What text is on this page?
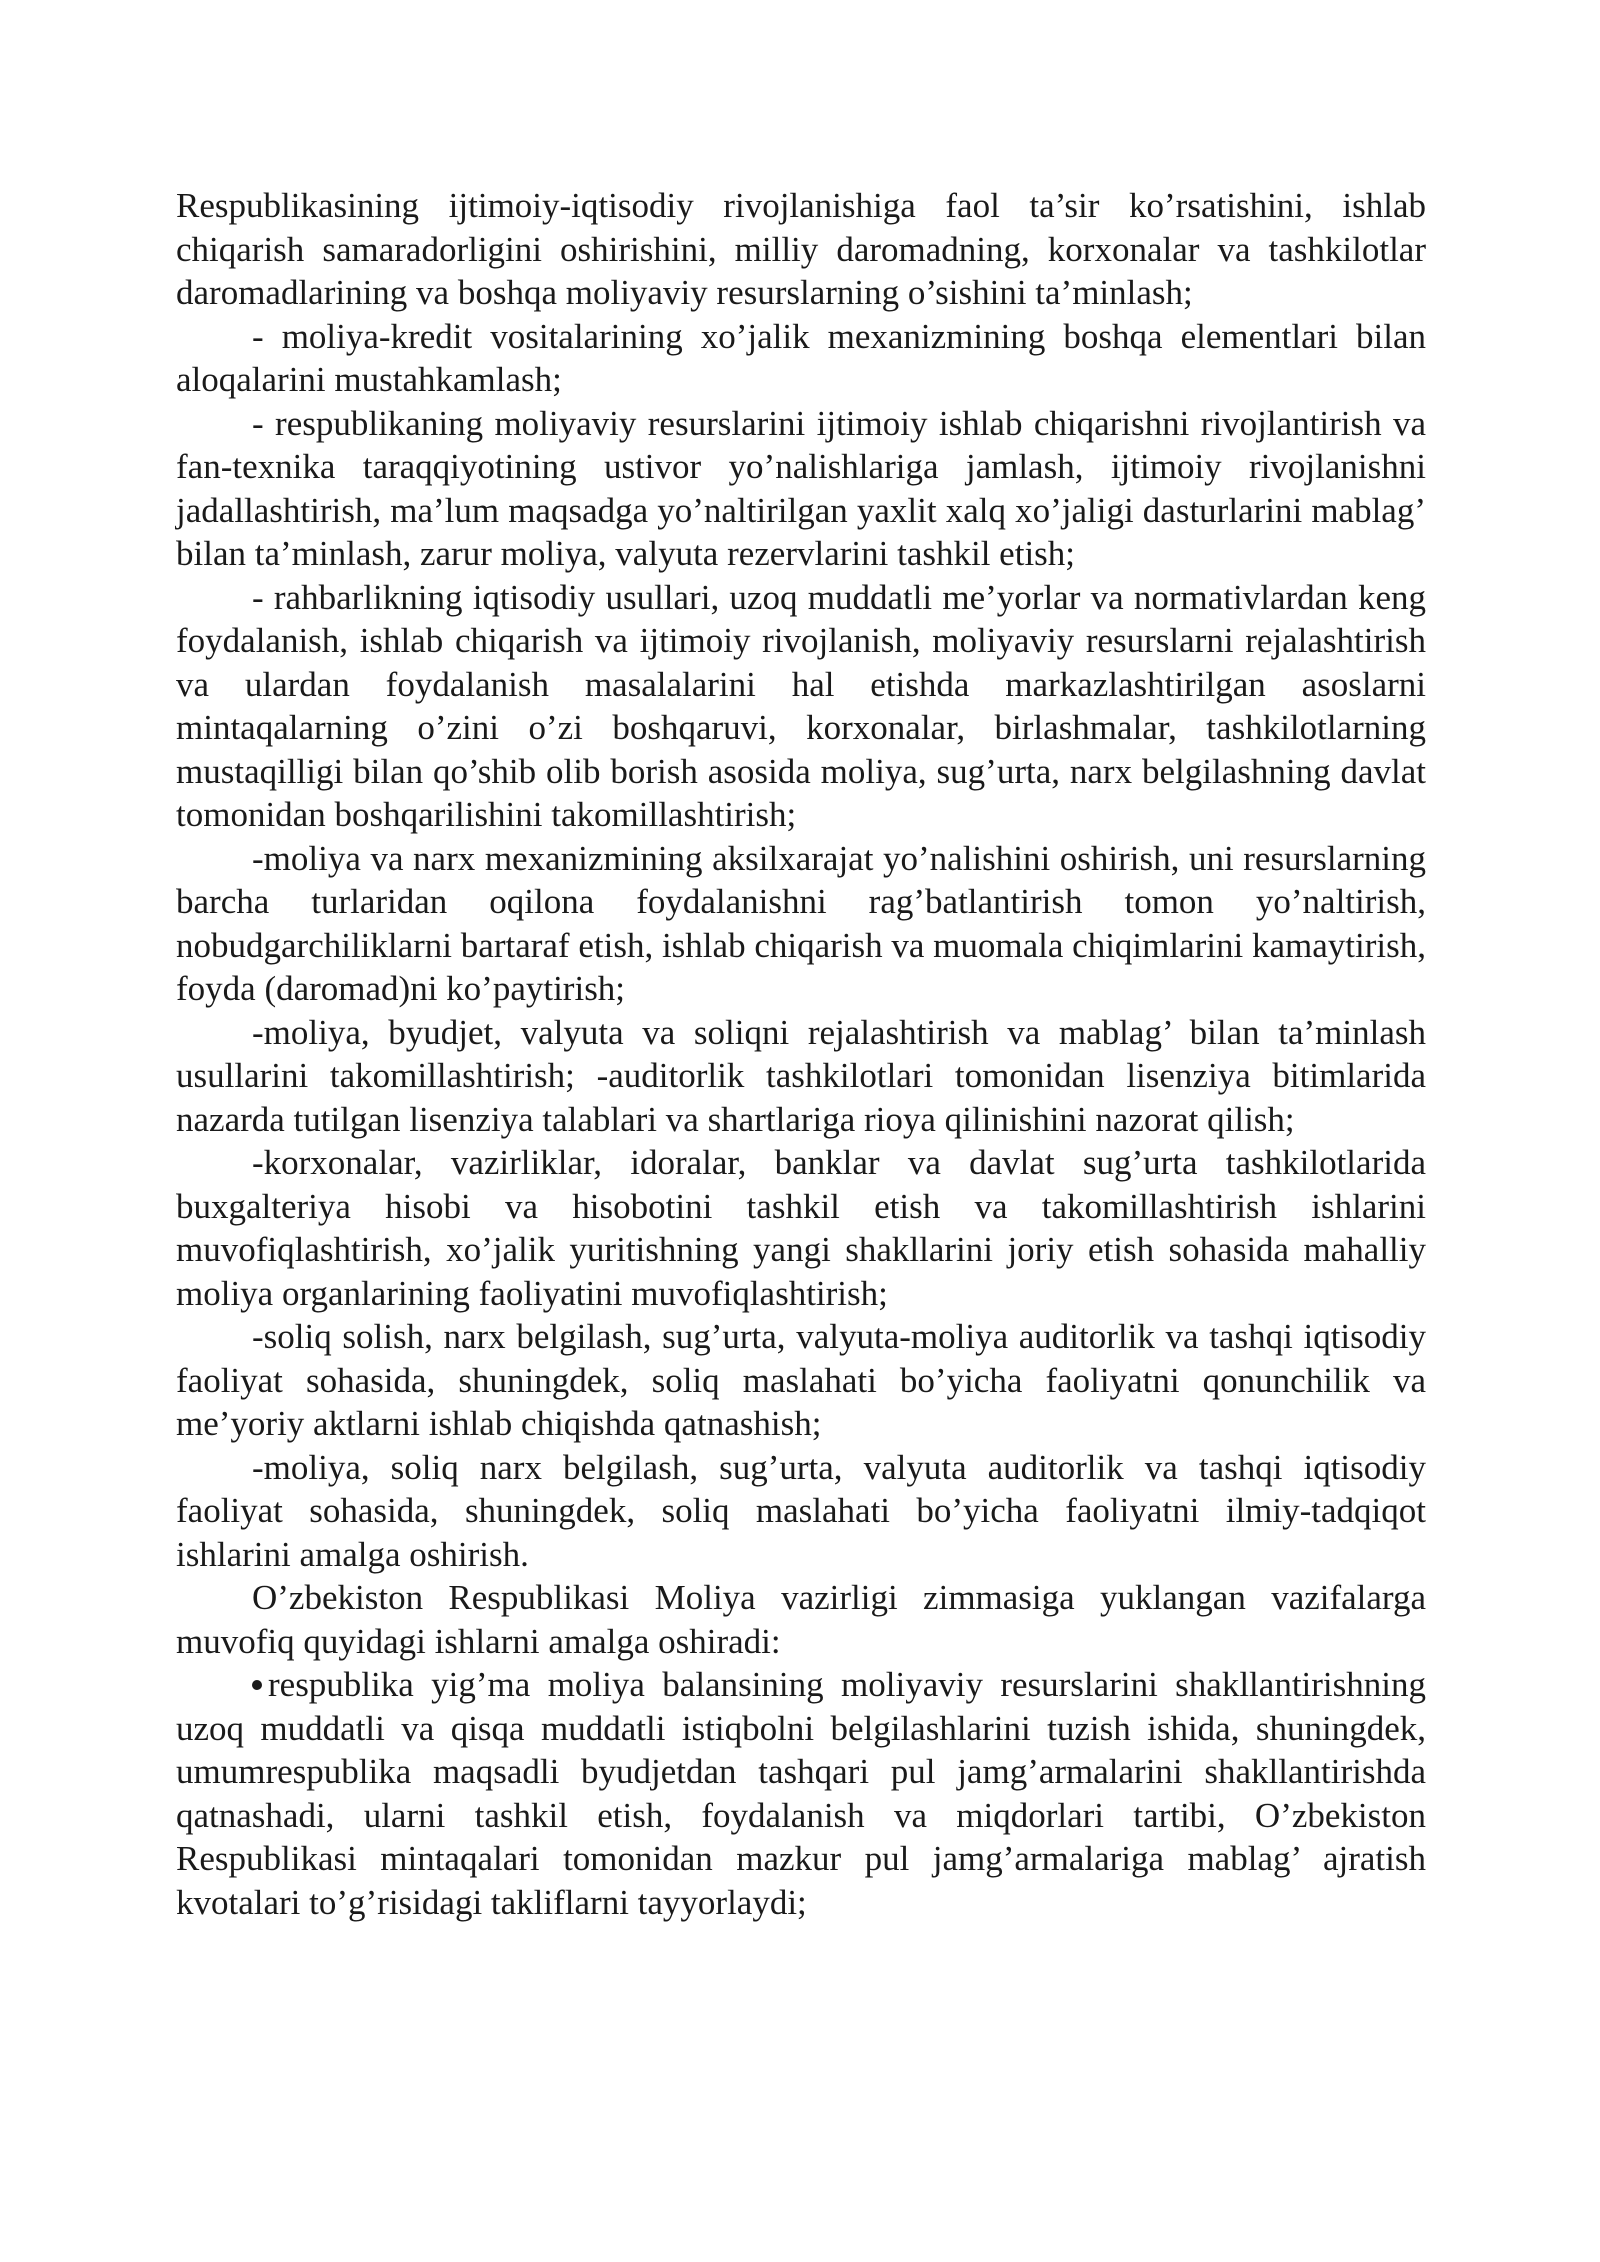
Respublikasining ijtimoiy-iqtisodiy rivojlanishiga faol ta’sir ko’rsatishini, ishlab chiqarish samaradorligini oshirishini, milliy daromadning, korxonalar va tashkilotlar daromadlarining va boshqa moliyaviy resurslarning o’sishini ta’minlash;

- moliya-kredit vositalarining xo’jalik mexanizmining boshqa elementlari bilan aloqalarini mustahkamlash;

- respublikaning moliyaviy resurslarini ijtimoiy ishlab chiqarishni rivojlantirish va fan-texnika taraqqiyotining ustivor yo’nalishlariga jamlash, ijtimoiy rivojlanishni jadallashtirish, ma’lum maqsadga yo’naltirilgan yaxlit xalq xo’jaligi dasturlarini mablag’ bilan ta’minlash, zarur moliya, valyuta rezervlarini tashkil etish;

- rahbarlikning iqtisodiy usullari, uzoq muddatli me’yorlar va normativlardan keng foydalanish, ishlab chiqarish va ijtimoiy rivojlanish, moliyaviy resurslarni rejalashtirish va ulardan foydalanish masalalarini hal etishda markazlashtirilgan asoslarni mintaqalarning o’zini o’zi boshqaruvi, korxonalar, birlashmalar, tashkilotlarning mustaqilligi bilan qo’shib olib borish asosida moliya, sug’urta, narx belgilashning davlat tomonidan boshqarilishini takomillashtirish;

-moliya va narx mexanizmining aksilxarajat yo’nalishini oshirish, uni resurslarning barcha turlaridan oqilona foydalanishni rag’batlantirish tomon yo’naltirish, nobudgarchiliklarni bartaraf etish, ishlab chiqarish va muomala chiqimlarini kamaytirish, foyda (daromad)ni ko’paytirish;

-moliya, byudjet, valyuta va soliqni rejalashtirish va mablag’ bilan ta’minlash usullarini takomillashtirish; -auditorlik tashkilotlari tomonidan lisenziya bitimlarida nazarda tutilgan lisenziya talablari va shartlariga rioya qilinishini nazorat qilish;

-korxonalar, vazirliklar, idoralar, banklar va davlat sug’urta tashkilotlarida buxgalteriya hisobi va hisobotini tashkil etish va takomillashtirish ishlarini muvofiqlashtirish, xo’jalik yuritishning yangi shakllarini joriy etish sohasida mahalliy moliya organlarining faoliyatini muvofiqlashtirish;

-soliq solish, narx belgilash, sug’urta, valyuta-moliya auditorlik va tashqi iqtisodiy faoliyat sohasida, shuningdek, soliq maslahati bo’yicha faoliyatni qonunchilik va me’yoriy aktlarni ishlab chiqishda qatnashish;

-moliya, soliq narx belgilash, sug’urta, valyuta auditorlik va tashqi iqtisodiy faoliyat sohasida, shuningdek, soliq maslahati bo’yicha faoliyatni ilmiy-tadqiqot ishlarini amalga oshirish.

O’zbekiston Respublikasi Moliya vazirligi zimmasiga yuklangan vazifalarga muvofiq quyidagi ishlarni amalga oshiradi:

respublika yig’ma moliya balansining moliyaviy resurslarini shakllantirishning uzoq muddatli va qisqa muddatli istiqbolni belgilashlarini tuzish ishida, shuningdek, umumrespublika maqsadli byudjetdan tashqari pul jamg’armalarini shakllantirishda qatnashadi, ularni tashkil etish, foydalanish va miqdorlari tartibi, O’zbekiston Respublikasi mintaqalari tomonidan mazkur pul jamg’armalariga mablag’ ajratish kvotalari to’g’risidagi takliflarni tayyorlaydi;
